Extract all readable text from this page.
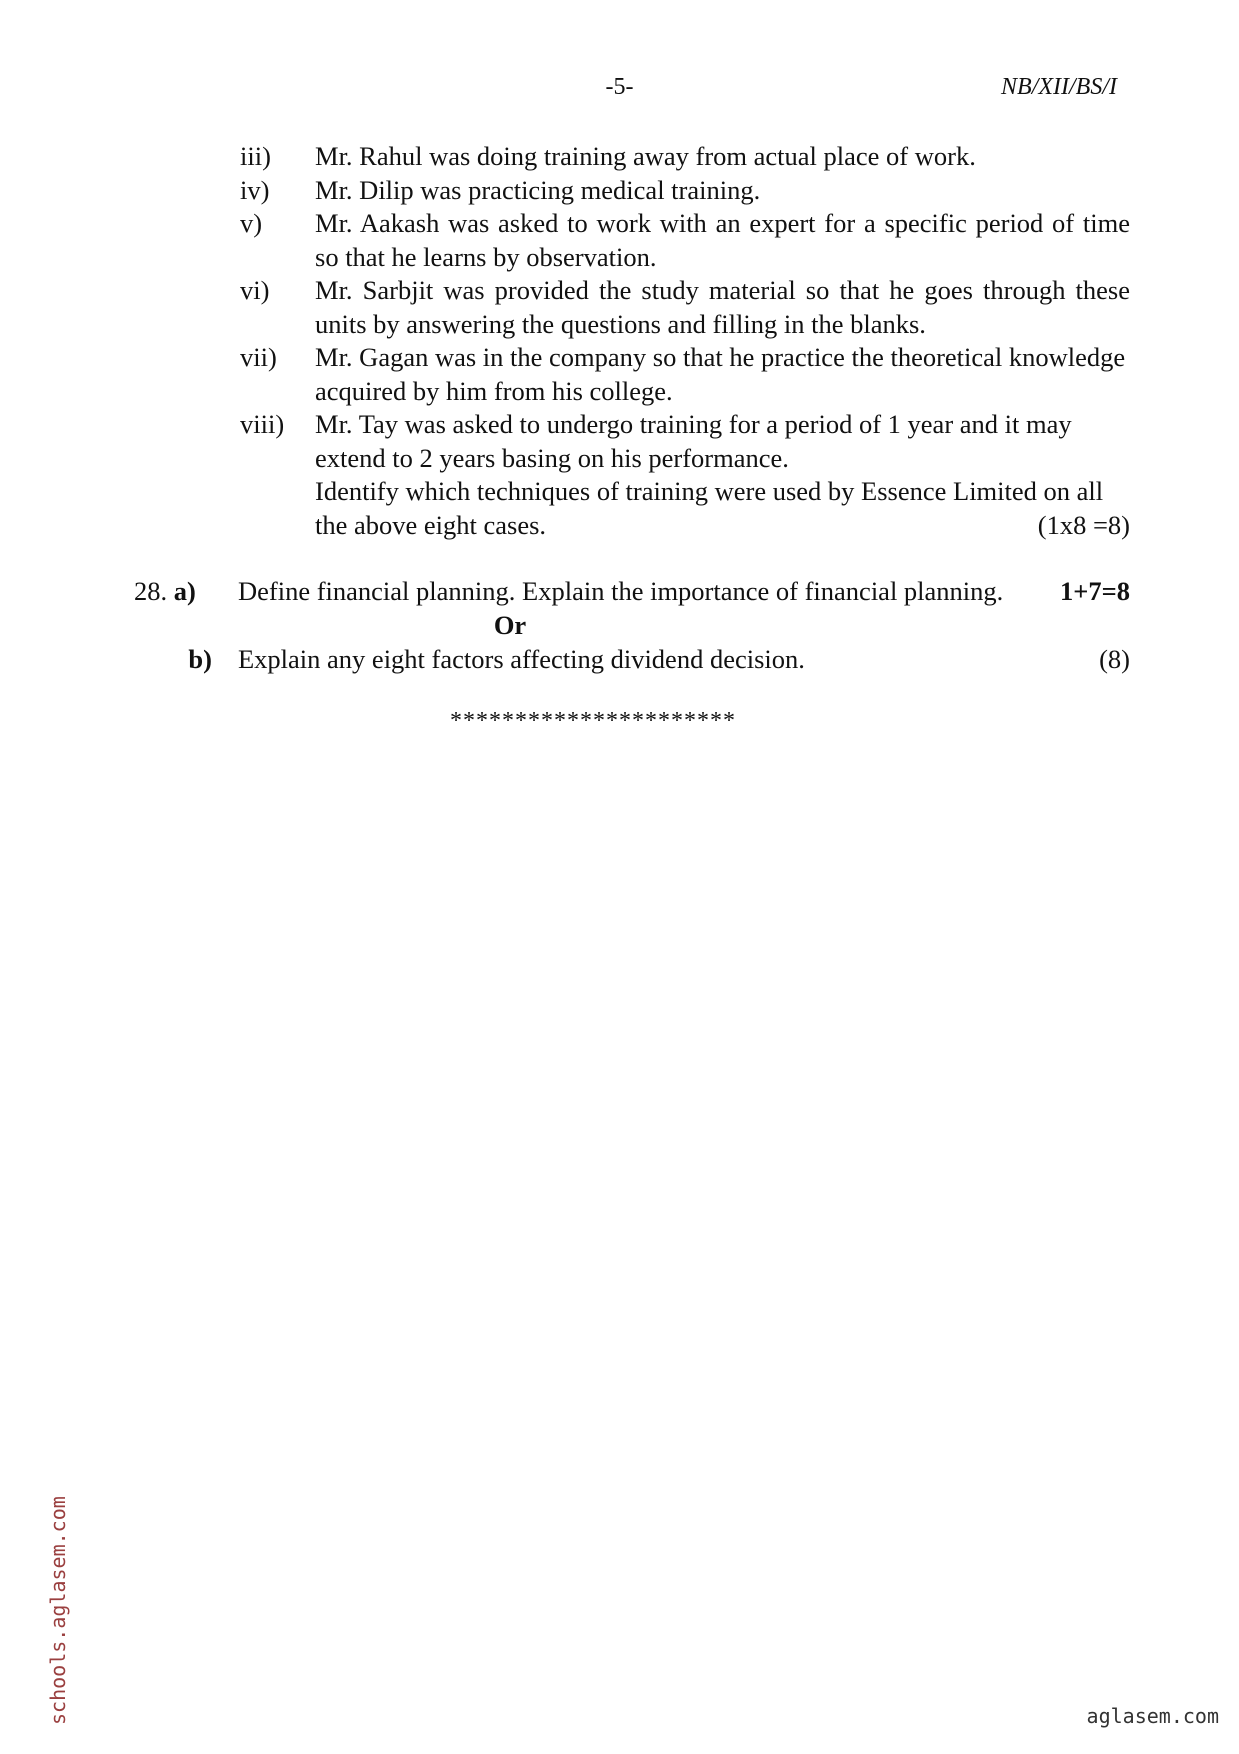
-5-	NB/XII/BS/I
iii)	Mr. Rahul was doing training away from actual place of work.
iv)	Mr. Dilip was practicing medical training.
v)	Mr. Aakash was asked to work with an expert for a specific period of time so that he learns by observation.
vi)	Mr. Sarbjit was provided the study material so that he goes through these units by answering the questions and filling in the blanks.
vii)	Mr. Gagan was in the company so that he practice the theoretical knowledge acquired by him from his college.
viii)	Mr. Tay was asked to undergo training for a period of 1 year and it may extend to 2 years basing on his performance.
Identify which techniques of training were used by Essence Limited on all
the above eight cases.	(1x8 =8)
28. a)	Define financial planning. Explain the importance of financial planning.	1+7=8
Or
b) Explain any eight factors affecting dividend decision.	(8)
**********************
schools.aglasem.com	aglasem.com
